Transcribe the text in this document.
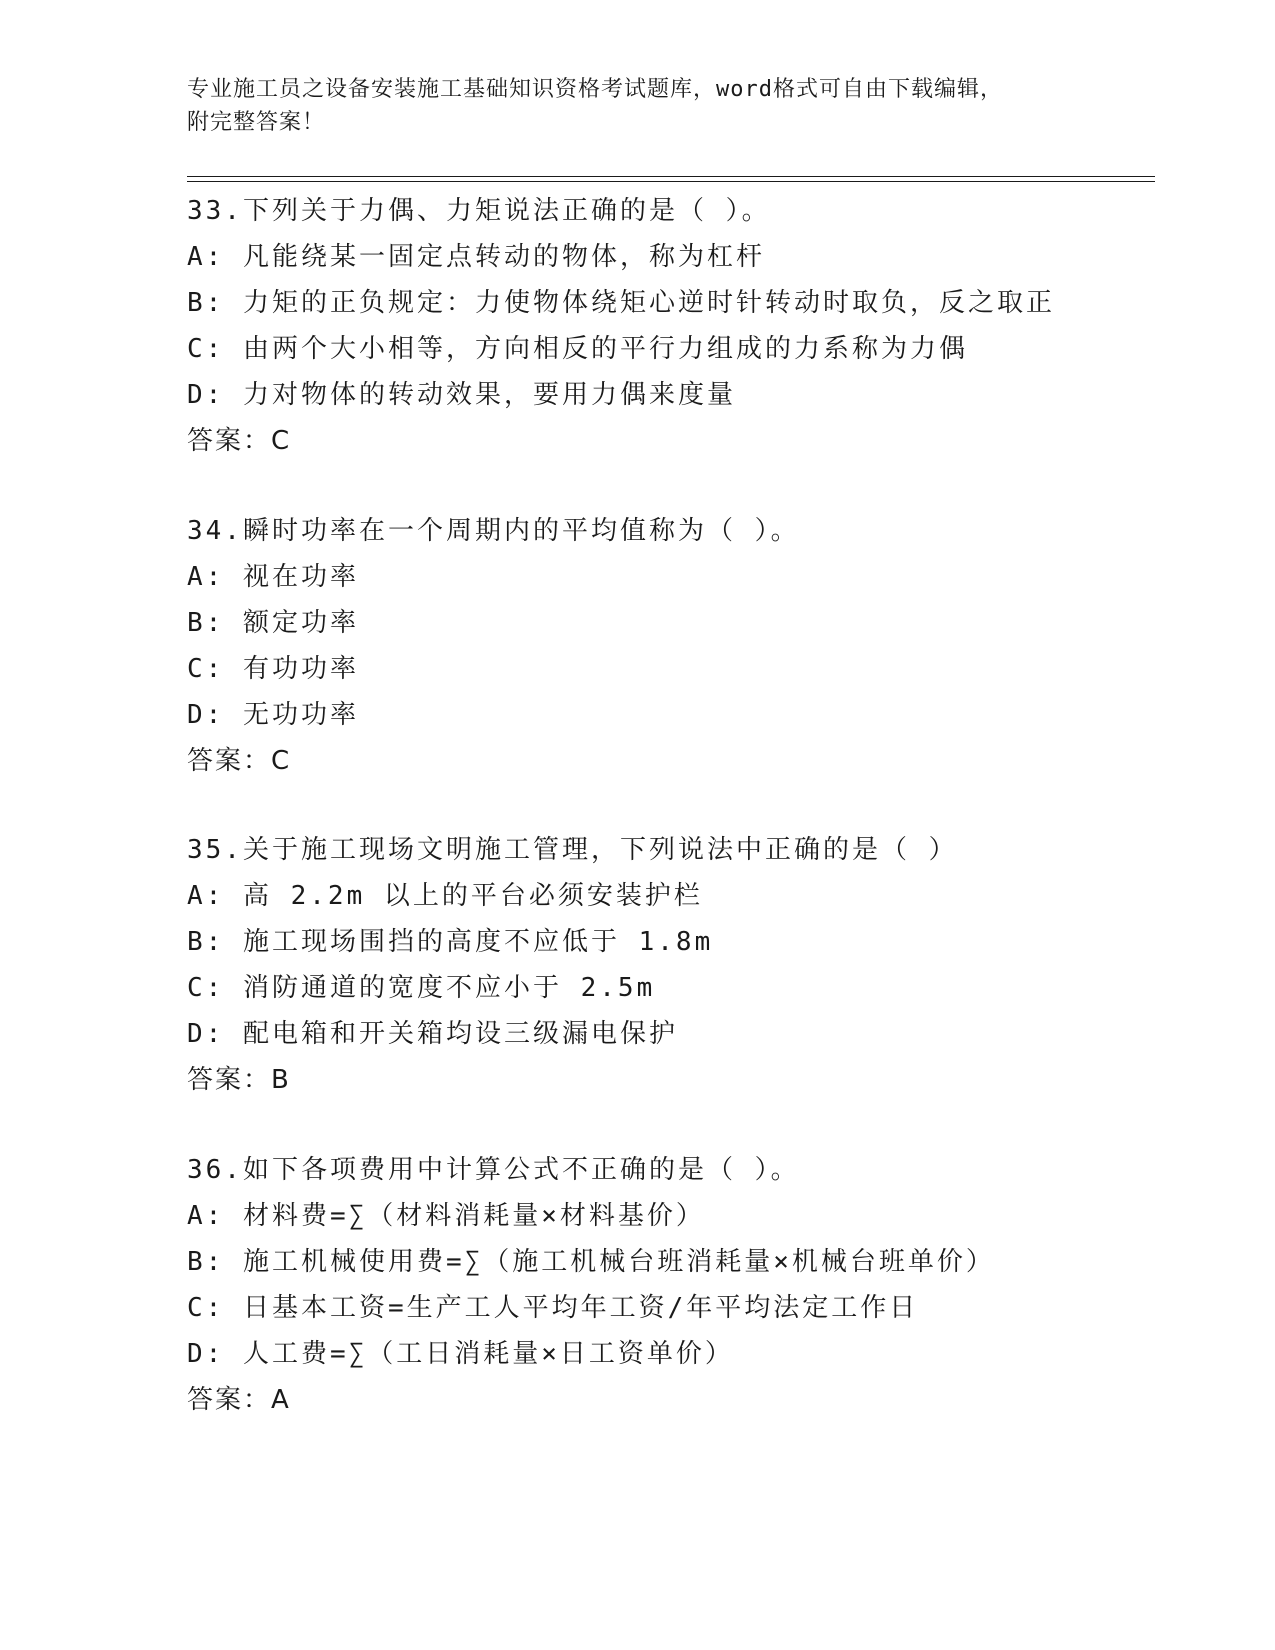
专业施工员之设备安装施工基础知识资格考试题库，word格式可自由下载编辑，
附完整答案！
33.下列关于力偶、力矩说法正确的是（ ）。
A: 凡能绕某一固定点转动的物体，称为杠杆
B: 力矩的正负规定：力使物体绕矩心逆时针转动时取负，反之取正
C: 由两个大小相等，方向相反的平行力组成的力系称为力偶
D: 力对物体的转动效果，要用力偶来度量
答案：C
34.瞬时功率在一个周期内的平均值称为（ ）。
A: 视在功率
B: 额定功率
C: 有功功率
D: 无功功率
答案：C
35.关于施工现场文明施工管理，下列说法中正确的是（ ）
A: 高 2.2m 以上的平台必须安装护栏
B: 施工现场围挡的高度不应低于 1.8m
C: 消防通道的宽度不应小于 2.5m
D: 配电箱和开关箱均设三级漏电保护
答案：B
36.如下各项费用中计算公式不正确的是（ ）。
A: 材料费=∑（材料消耗量×材料基价）
B: 施工机械使用费=∑（施工机械台班消耗量×机械台班单价）
C: 日基本工资=生产工人平均年工资/年平均法定工作日
D: 人工费=∑（工日消耗量×日工资单价）
答案：A
